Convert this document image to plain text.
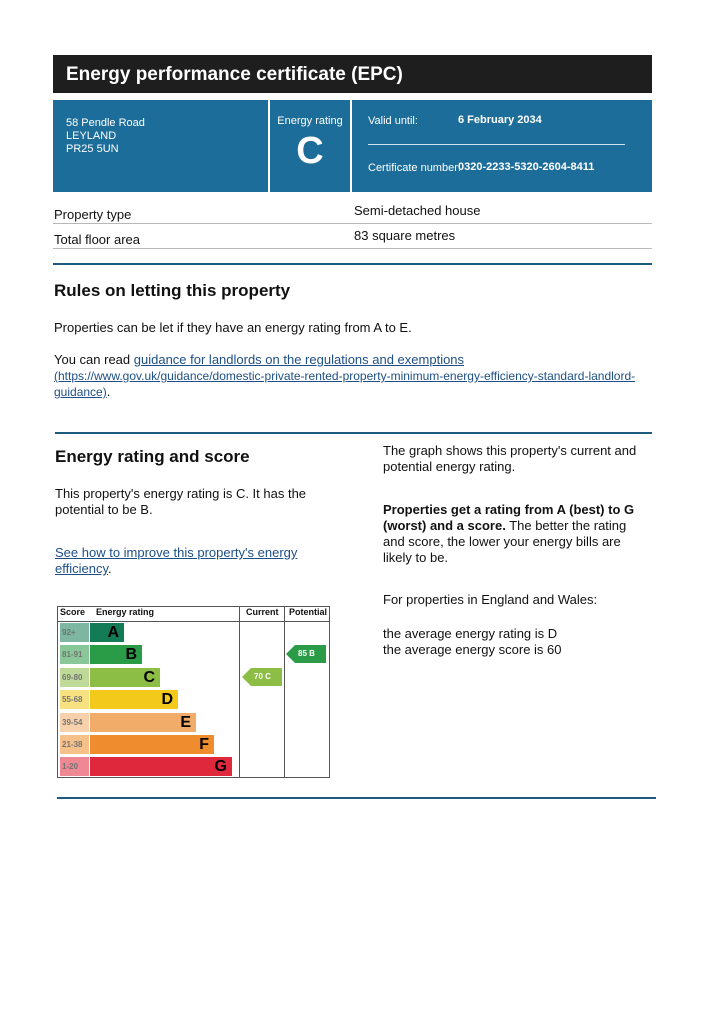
Energy performance certificate (EPC)
58 Pendle Road
LEYLAND
PR25 5UN
Energy rating
C
Valid until:	6 February 2034
Certificate number:
0320-2233-5320-2604-8411
Property type	Semi-detached house
Total floor area	83 square metres
Rules on letting this property
Properties can be let if they have an energy rating from A to E.
You can read guidance for landlords on the regulations and exemptions
(https://www.gov.uk/guidance/domestic-private-rented-property-minimum-energy-efficiency-standard-landlord-
guidance).
Energy rating and score
This property's energy rating is C. It has the potential to be B.
See how to improve this property's energy efficiency.
The graph shows this property's current and potential energy rating.
Properties get a rating from A (best) to G (worst) and a score. The better the rating and score, the lower your energy bills are likely to be.
For properties in England and Wales:
the average energy rating is D
the average energy score is 60
Score Energy rating	Current Potential
92+	A
81-91	B
69-80	C
55-68	D
39-54	E
21-38	F
1-20	G
70 C
85 B
